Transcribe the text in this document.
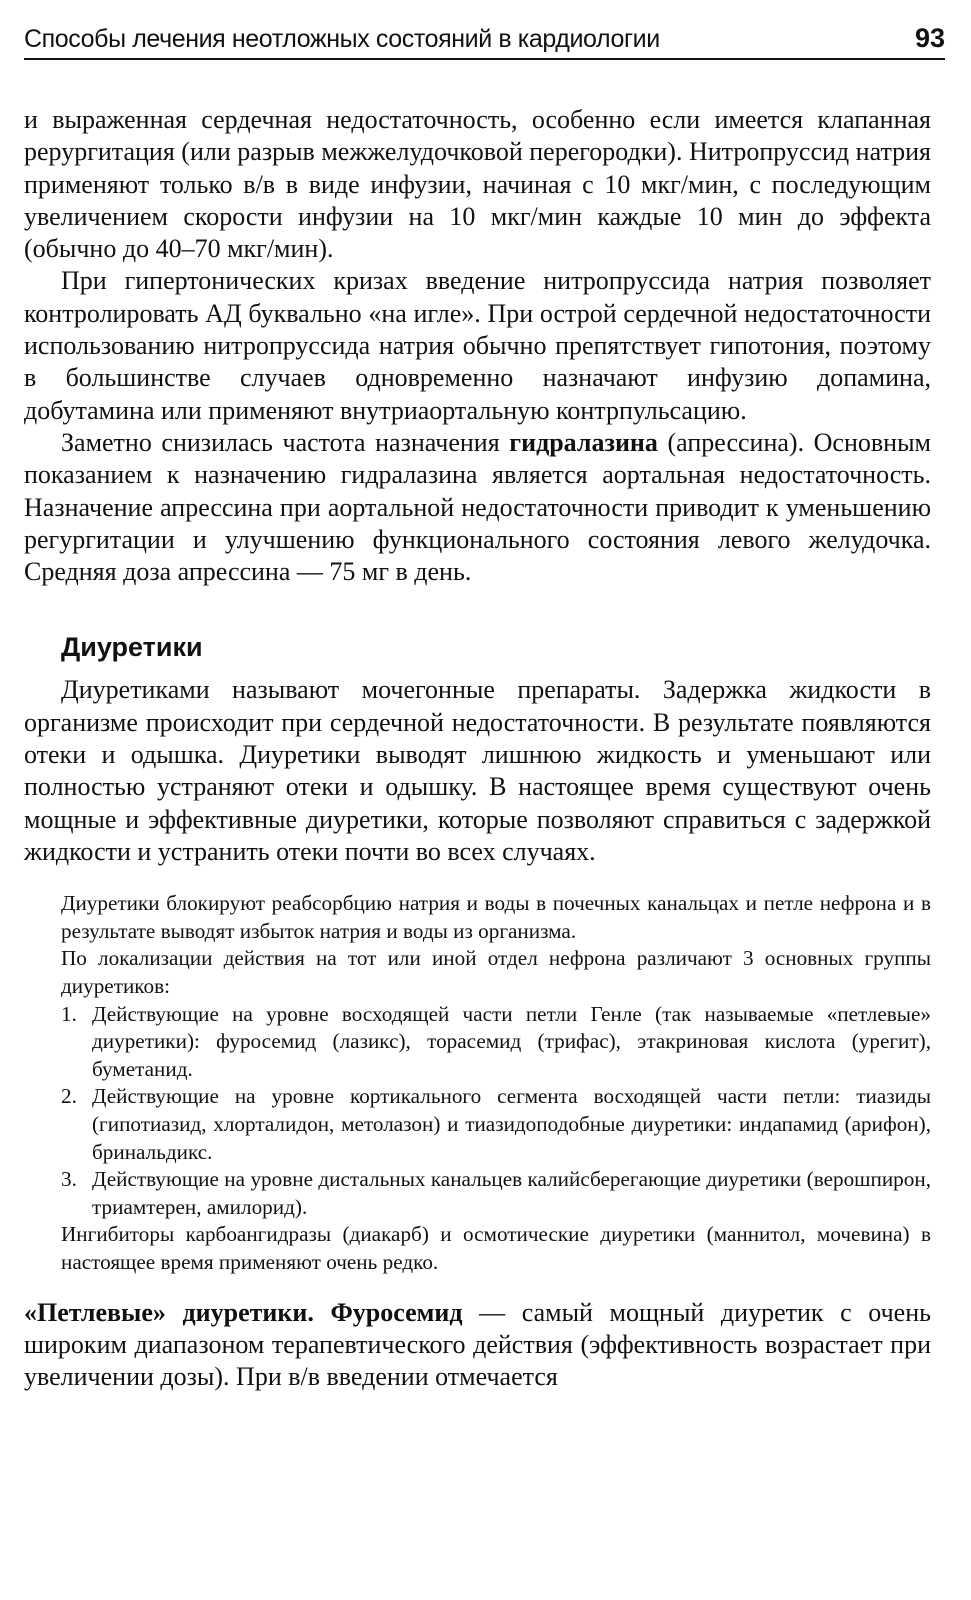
Способы лечения неотложных состояний в кардиологии	93

и выраженная сердечная недостаточность, особенно если имеется клапанная рерургитация (или разрыв межжелудочковой перегородки). Нитропруссид натрия применяют только в/в в виде инфузии, начиная с 10 мкг/мин, с последующим увеличением скорости инфузии на 10 мкг/мин каждые 10 мин до эффекта (обычно до 40–70 мкг/мин).

При гипертонических кризах введение нитропруссида натрия позволяет контролировать АД буквально «на игле». При острой сердечной недостаточности использованию нитропруссида натрия обычно препятствует гипотония, поэтому в большинстве случаев одновременно назначают инфузию допамина, добутамина или применяют внутриаортальную контрпульсацию.

Заметно снизилась частота назначения гидралазина (апрессина). Основным показанием к назначению гидралазина является аортальная недостаточность. Назначение апрессина при аортальной недостаточности приводит к уменьшению регургитации и улучшению функционального состояния левого желудочка. Средняя доза апрессина — 75 мг в день.

Диуретики

Диуретиками называют мочегонные препараты. Задержка жидкости в организме происходит при сердечной недостаточности. В результате появляются отеки и одышка. Диуретики выводят лишнюю жидкость и уменьшают или полностью устраняют отеки и одышку. В настоящее время существуют очень мощные и эффективные диуретики, которые позволяют справиться с задержкой жидкости и устранить отеки почти во всех случаях.

Диуретики блокируют реабсорбцию натрия и воды в почечных канальцах и петле нефрона и в результате выводят избыток натрия и воды из организма.

По локализации действия на тот или иной отдел нефрона различают 3 основных группы диуретиков:

1. Действующие на уровне восходящей части петли Генле (так называемые «петлевые» диуретики): фуросемид (лазикс), торасемид (трифас), этакриновая кислота (урегит), буметанид.
2. Действующие на уровне кортикального сегмента восходящей части петли: тиазиды (гипотиазид, хлорталидон, метолазон) и тиазидоподобные диуретики: индапамид (арифон), бринальдикс.
3. Действующие на уровне дистальных канальцев калийсберегающие диуретики (верошпирон, триамтерен, амилорид).

Ингибиторы карбоангидразы (диакарб) и осмотические диуретики (маннитол, мочевина) в настоящее время применяют очень редко.

«Петлевые» диуретики. Фуросемид — самый мощный диуретик с очень широким диапазоном терапевтического действия (эффективность возрастает при увеличении дозы). При в/в введении отмечается
